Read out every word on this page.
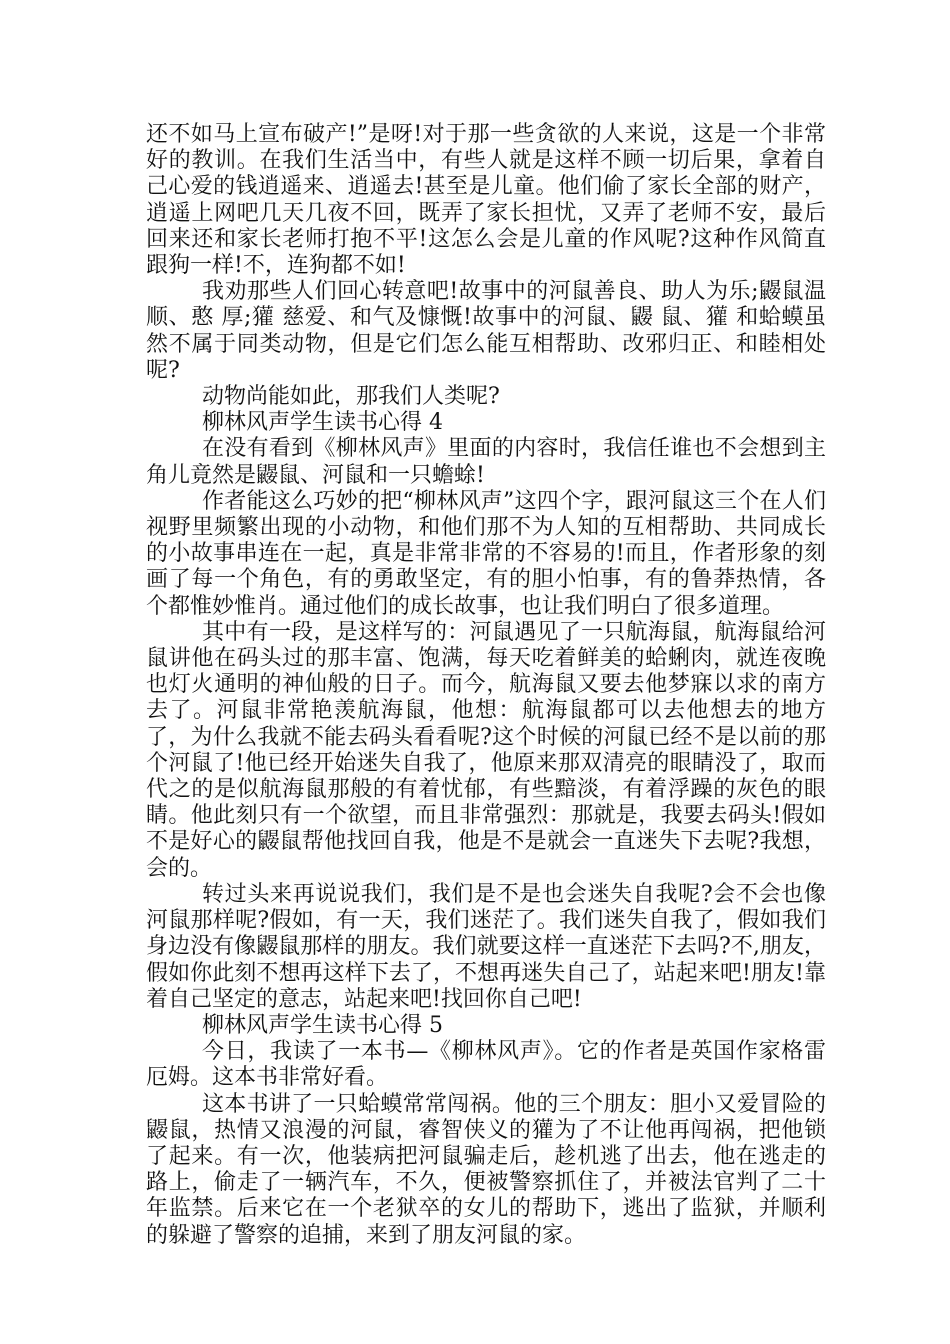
还不如马上宣布破产!”是呀!对于那一些贪欲的人来说，这是一个非常好的教训。在我们生活当中，有些人就是这样不顾一切后果，拿着自己心爱的钱逍遥来、逍遥去!甚至是儿童。他们偷了家长全部的财产，逍遥上网吧几天几夜不回，既弄了家长担忧，又弄了老师不安，最后回来还和家长老师打抱不平!这怎么会是儿童的作风呢?这种作风简直跟狗一样!不，连狗都不如!

我劝那些人们回心转意吧!故事中的河鼠善良、助人为乐;鼹鼠温顺、憨 厚;獾 慈爱、和气及慷慨!故事中的河鼠、鼹 鼠、獾 和蛤蟆虽然不属于同类动物，但是它们怎么能互相帮助、改邪归正、和睦相处呢?

动物尚能如此，那我们人类呢?

柳林风声学生读书心得 4

在没有看到《柳林风声》里面的内容时，我信任谁也不会想到主角儿竟然是鼹鼠、河鼠和一只蟾蜍!

作者能这么巧妙的把“柳林风声”这四个字，跟河鼠这三个在人们视野里频繁出现的小动物，和他们那不为人知的互相帮助、共同成长的小故事串连在一起，真是非常非常的不容易的!而且，作者形象的刻画了每一个角色，有的勇敢坚定，有的胆小怕事，有的鲁莽热情，各个都惟妙惟肖。通过他们的成长故事，也让我们明白了很多道理。

其中有一段，是这样写的：河鼠遇见了一只航海鼠，航海鼠给河鼠讲他在码头过的那丰富、饱满，每天吃着鲜美的蛤蜊肉，就连夜晚也灯火通明的神仙般的日子。而今，航海鼠又要去他梦寐以求的南方去了。河鼠非常艳羡航海鼠，他想：航海鼠都可以去他想去的地方了，为什么我就不能去码头看看呢?这个时候的河鼠已经不是以前的那个河鼠了!他已经开始迷失自我了，他原来那双清亮的眼睛没了，取而代之的是似航海鼠那般的有着忧郁，有些黯淡，有着浮躁的灰色的眼睛。他此刻只有一个欲望，而且非常强烈：那就是，我要去码头!假如不是好心的鼹鼠帮他找回自我，他是不是就会一直迷失下去呢?我想，会的。

转过头来再说说我们，我们是不是也会迷失自我呢?会不会也像河鼠那样呢?假如，有一天，我们迷茫了。我们迷失自我了，假如我们身边没有像鼹鼠那样的朋友。我们就要这样一直迷茫下去吗?不,朋友，假如你此刻不想再这样下去了，不想再迷失自己了，站起来吧!朋友!靠着自己坚定的意志，站起来吧!找回你自己吧!

柳林风声学生读书心得 5

今日，我读了一本书—《柳林风声》。它的作者是英国作家格雷厄姆。这本书非常好看。

这本书讲了一只蛤蟆常常闯祸。他的三个朋友：胆小又爱冒险的鼹鼠，热情又浪漫的河鼠，睿智侠义的獾为了不让他再闯祸，把他锁了起来。有一次，他装病把河鼠骗走后，趁机逃了出去，他在逃走的路上，偷走了一辆汽车，不久，便被警察抓住了，并被法官判了二十年监禁。后来它在一个老狱卒的女儿的帮助下，逃出了监狱，并顺利的躲避了警察的追捕，来到了朋友河鼠的家。
